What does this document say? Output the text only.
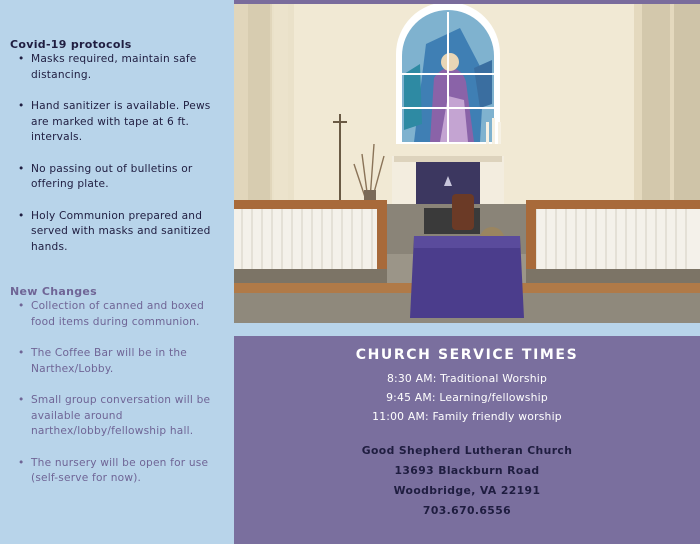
Covid-19 protocols
• Masks required, maintain safe distancing.
• Hand sanitizer is available. Pews are marked with tape at 6 ft. intervals.
• No passing out of bulletins or offering plate.
• Holy Communion prepared and served with masks and sanitized hands.
New Changes
• Collection of canned and boxed food items during communion.
• The Coffee Bar will be in the Narthex/Lobby.
• Small group conversation will be available around narthex/lobby/fellowship hall.
• The nursery will be open for use (self-serve for now).
CHURCH SERVICE TIMES
8:30 AM: Traditional Worship
9:45 AM: Learning/fellowship
11:00 AM: Family friendly worship
Good Shepherd Lutheran Church
13693 Blackburn Road
Woodbridge, VA 22191
703.670.6556
